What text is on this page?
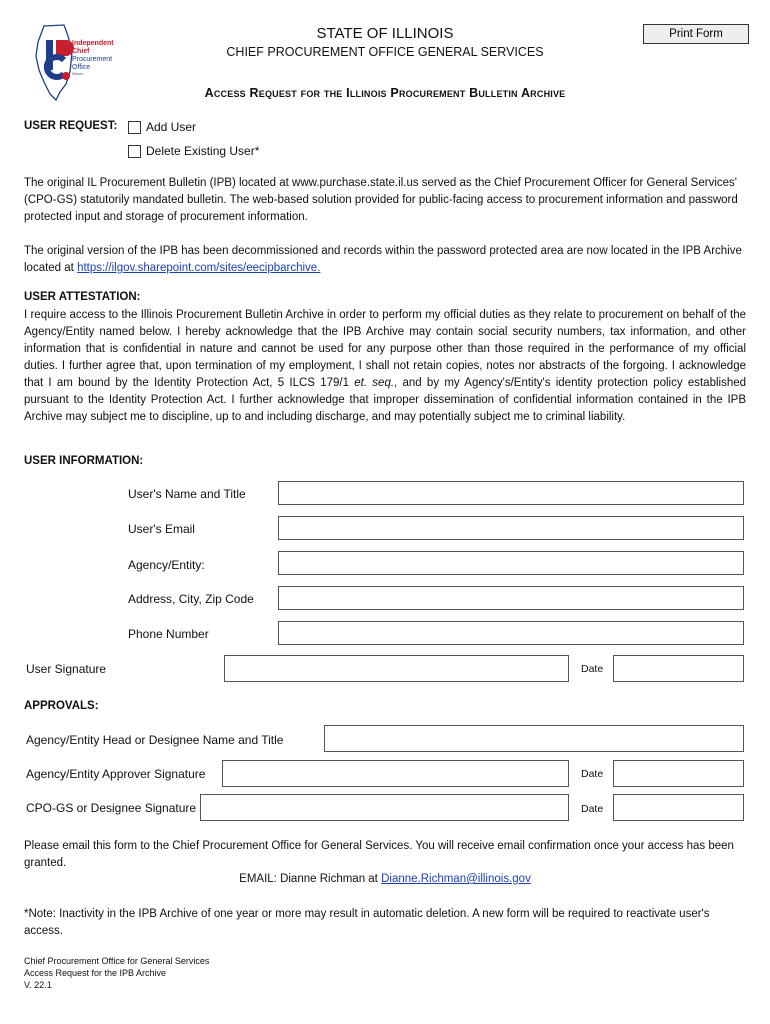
Independent
Chief
Procurement
Office
Illinois
STATE OF ILLINOIS
CHIEF PROCUREMENT OFFICE GENERAL SERVICES
Print Form
Access Request for the Illinois Procurement Bulletin Archive
USER REQUEST: Add User
Delete Existing User*
The original IL Procurement Bulletin (IPB) located at www.purchase.state.il.us served as the Chief Procurement Officer for General Services' (CPO-GS) statutorily mandated bulletin. The web-based solution provided for public-facing access to procurement information and password protected input and storage of procurement information.
The original version of the IPB has been decommissioned and records within the password protected area are now located in the IPB Archive located at https://ilgov.sharepoint.com/sites/eecipbarchive.
USER ATTESTATION:
I require access to the Illinois Procurement Bulletin Archive in order to perform my official duties as they relate to procurement on behalf of the Agency/Entity named below. I hereby acknowledge that the IPB Archive may contain social security numbers, tax information, and other information that is confidential in nature and cannot be used for any purpose other than those required in the performance of my official duties. I further agree that, upon termination of my employment, I shall not retain copies, notes nor abstracts of the forgoing. I acknowledge that I am bound by the Identity Protection Act, 5 ILCS 179/1 et. seq., and by my Agency's/Entity's identity protection policy established pursuant to the Identity Protection Act. I further acknowledge that improper dissemination of confidential information contained in the IPB Archive may subject me to discipline, up to and including discharge, and may potentially subject me to criminal liability.
USER INFORMATION:
User's Name and Title
User's Email
Agency/Entity:
Address, City, Zip Code
Phone Number
User Signature	Date
APPROVALS:
Agency/Entity Head or Designee Name and Title
Agency/Entity Approver Signature	Date
CPO-GS or Designee Signature	Date
Please email this form to the Chief Procurement Office for General Services. You will receive email confirmation once your access has been granted.
EMAIL: Dianne Richman at Dianne.Richman@illinois.gov
*Note: Inactivity in the IPB Archive of one year or more may result in automatic deletion. A new form will be required to reactivate user's access.
Chief Procurement Office for General Services
Access Request for the IPB Archive
V. 22.1
